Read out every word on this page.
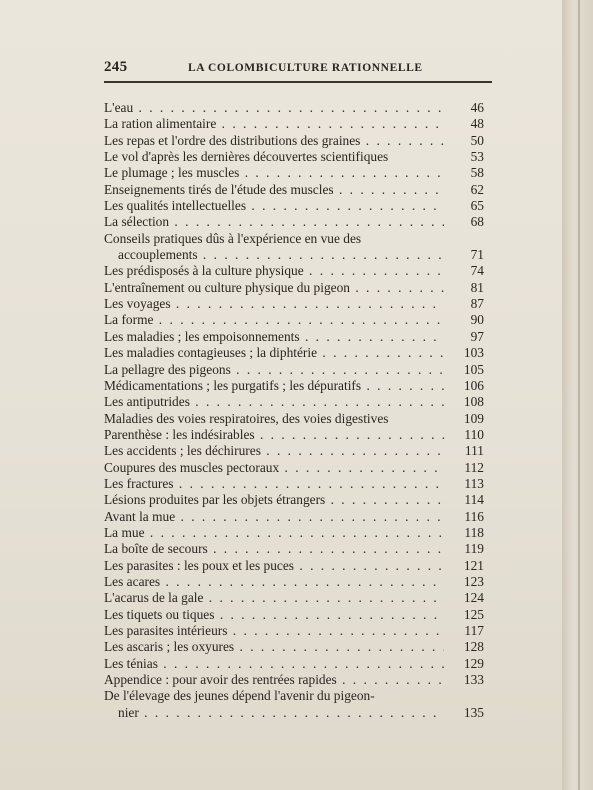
245	LA COLOMBICULTURE RATIONNELLE
L'eau . . .	46
La ration alimentaire . . .	48
Les repas et l'ordre des distributions des graines . . .	50
Le vol d'après les dernières découvertes scientifiques	53
Le plumage ; les muscles . . .	58
Enseignements tirés de l'étude des muscles . . .	62
Les qualités intellectuelles . . .	65
La sélection . . .	68
Conseils pratiques dûs à l'expérience en vue des
accouplements . . .	71
Les prédisposés à la culture physique . . .	74
L'entraînement ou culture physique du pigeon . . .	81
Les voyages . . .	87
La forme . . .	90
Les maladies ; les empoisonnements . . .	97
Les maladies contagieuses ; la diphtérie . . .	103
La pellagre des pigeons . . .	105
Médicamentations ; les purgatifs ; les dépuratifs . . .	106
Les antiputrides . . .	108
Maladies des voies respiratoires, des voies digestives	109
Parenthèse : les indésirables . . .	110
Les accidents ; les déchirures . . .	111
Coupures des muscles pectoraux . . .	112
Les fractures . . .	113
Lésions produites par les objets étrangers . . .	114
Avant la mue . . .	116
La mue . . .	118
La boîte de secours . . .	119
Les parasites : les poux et les puces . . .	121
Les acares . . .	123
L'acarus de la gale . . .	124
Les tiquets ou tiques . . .	125
Les parasites intérieurs . . .	117
Les ascaris ; les oxyures . . .	128
Les ténias . . .	129
Appendice : pour avoir des rentrées rapides . . .	133
De l'élevage des jeunes dépend l'avenir du pigeon-
nier . . .	135
